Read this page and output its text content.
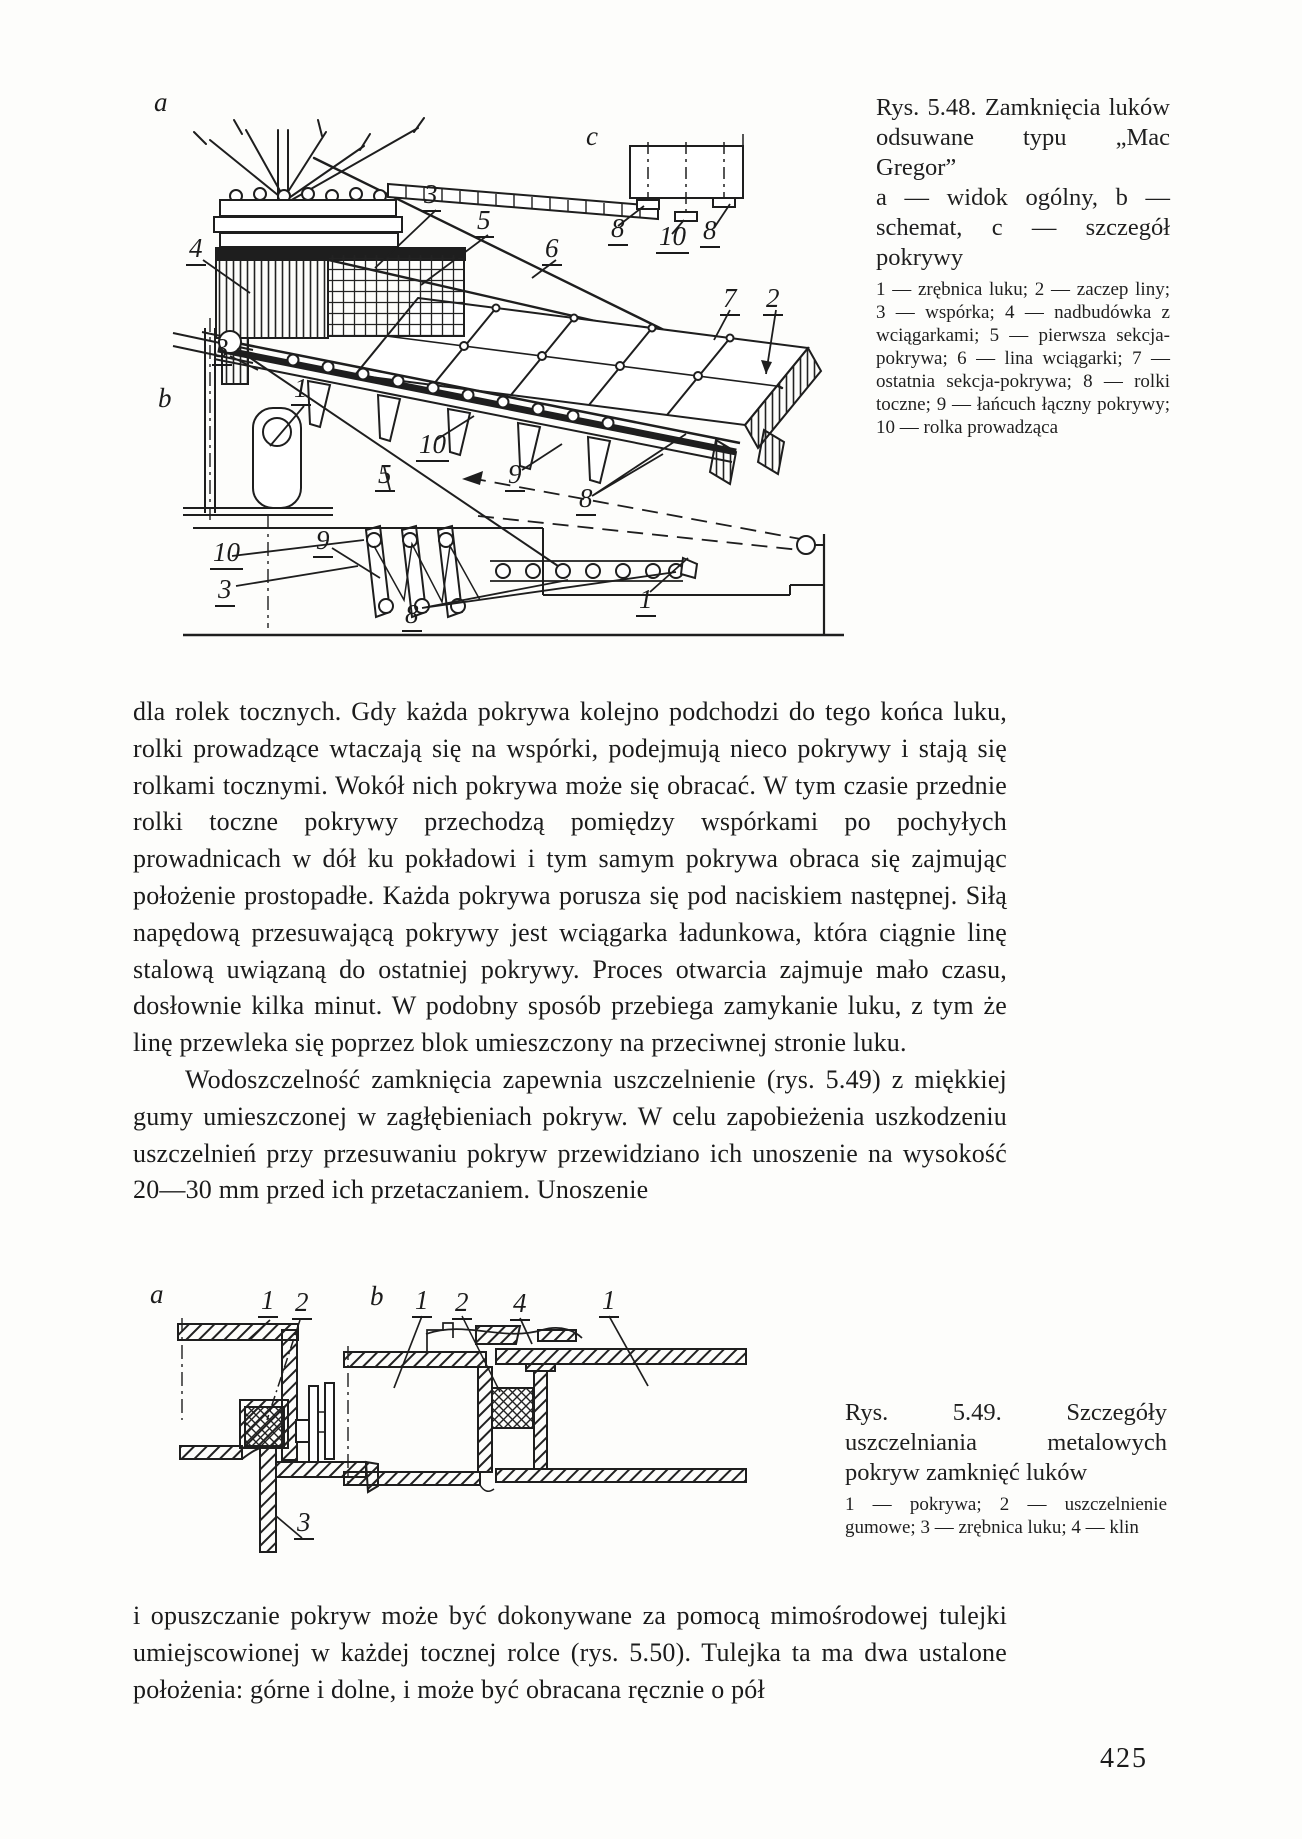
a
c
4
3
5
6
7 2
3
b	1
10
5	9
8
10
3
9
8	1
8 10 8

Rys. 5.48. Zamknięcia luków odsuwane typu „Mac Gregor”

a — widok ogólny, b — schemat, c — szczegół pokrywy

1 — zrębnica luku; 2 — zaczep liny; 3 — wspórka; 4 — nadbudówka z wciągarkami; 5 — pierwsza sekcja-pokrywa; 6 — lina wciągarki; 7 — ostatnia sekcja-pokrywa; 8 — rolki toczne; 9 — łańcuch łączny pokrywy; 10 — rolka prowadząca

dla rolek tocznych. Gdy każda pokrywa kolejno podchodzi do tego końca luku, rolki prowadzące wtaczają się na wspórki, podejmują nieco pokrywy i stają się rolkami tocznymi. Wokół nich pokrywa może się obracać. W tym czasie przednie rolki toczne pokrywy przechodzą pomiędzy wspórkami po pochyłych prowadnicach w dół ku pokładowi i tym samym pokrywa obraca się zajmując położenie prostopadłe. Każda pokrywa porusza się pod naciskiem następnej. Siłą napędową przesuwającą pokrywy jest wciągarka ładunkowa, która ciągnie linę stalową uwiązaną do ostatniej pokrywy. Proces otwarcia zajmuje mało czasu, dosłownie kilka minut. W podobny sposób przebiega zamykanie luku, z tym że linę przewleka się poprzez blok umieszczony na przeciwnej stronie luku.

Wodoszczelność zamknięcia zapewnia uszczelnienie (rys. 5.49) z miękkiej gumy umieszczonej w zagłębieniach pokryw. W celu zapobieżenia uszkodzeniu uszczelnień przy przesuwaniu pokryw przewidziano ich unoszenie na wysokość 20—30 mm przed ich przetaczaniem. Unoszenie

a	b
1 2
3
1 2 4	1

Rys. 5.49. Szczegóły uszczelniania metalowych pokryw zamknięć luków

1 — pokrywa; 2 — uszczelnienie gumowe; 3 — zrębnica luku; 4 — klin

i opuszczanie pokryw może być dokonywane za pomocą mimośrodowej tulejki umiejscowionej w każdej tocznej rolce (rys. 5.50). Tulejka ta ma dwa ustalone położenia: górne i dolne, i może być obracana ręcznie o pół

425
